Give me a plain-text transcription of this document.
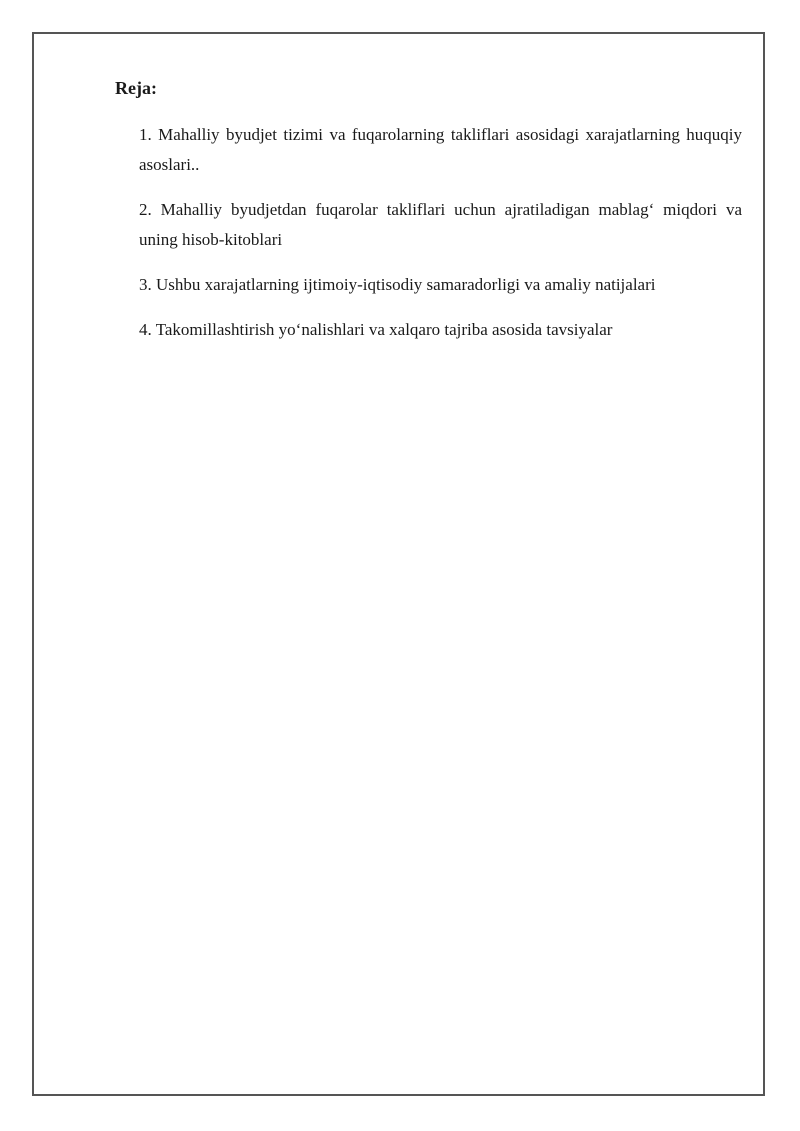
Reja:
1. Mahalliy byudjet tizimi va fuqarolarning takliflari asosidagi xarajatlarning huquqiy asoslari..
2. Mahalliy byudjetdan fuqarolar takliflari uchun ajratiladigan mablag‘ miqdori va uning hisob-kitoblari
3. Ushbu xarajatlarning ijtimoiy-iqtisodiy samaradorligi va amaliy natijalari
4. Takomillashtirish yo‘nalishlari va xalqaro tajriba asosida tavsiyalar
